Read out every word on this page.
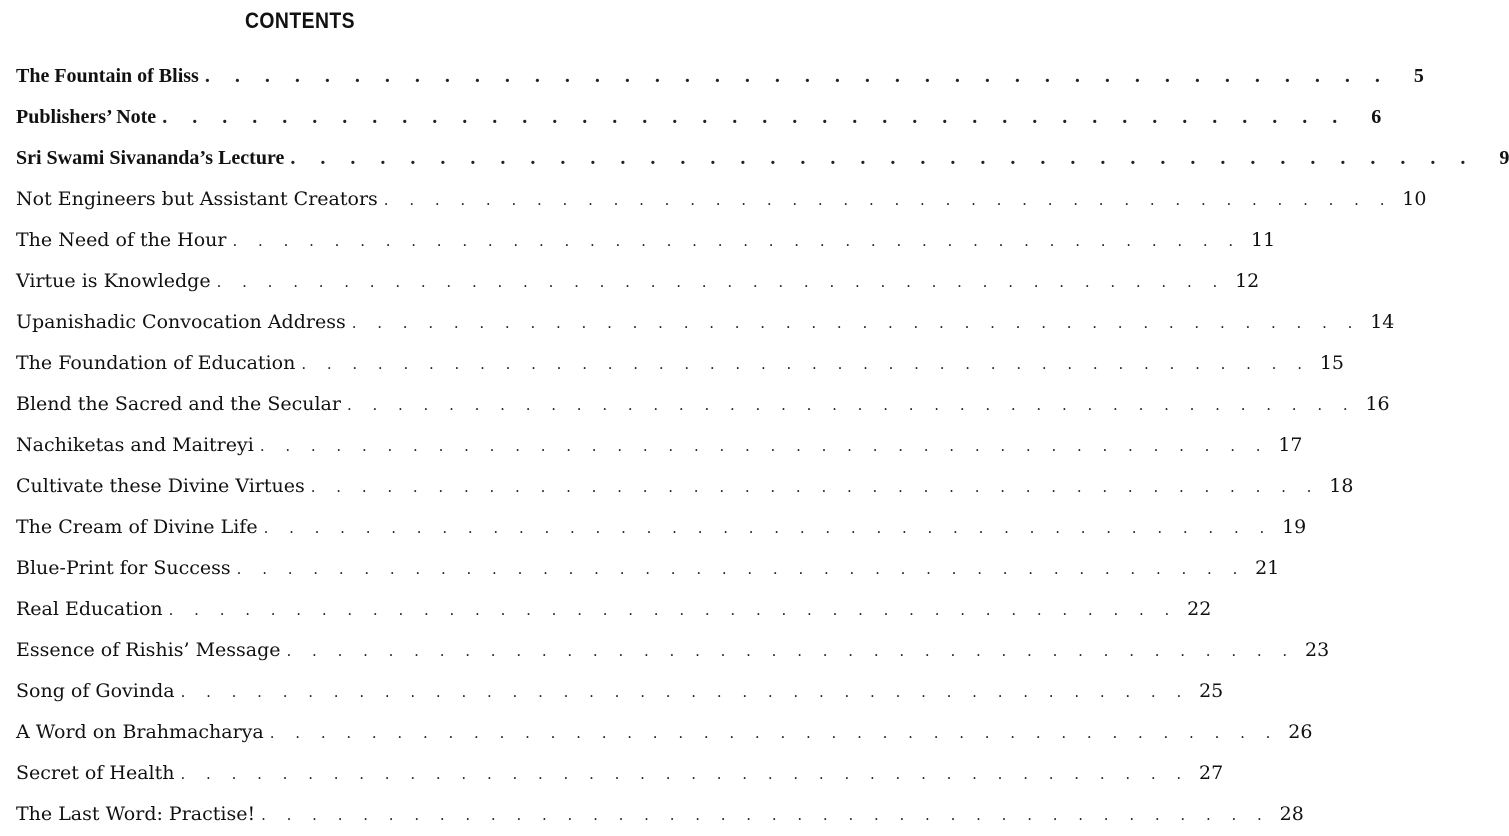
CONTENTS
The Fountain of Bliss . . . . . . . . . . . . . . . . . . . . . . . . . . . . . . . . . . . . . . . .	5
Publishers’ Note . . . . . . . . . . . . . . . . . . . . . . . . . . . . . . . . . . . . . . . .	6
Sri Swami Sivananda’s Lecture . . . . . . . . . . . . . . . . . . . . . . . . . . . . . . . . . . . . . . . .	9
Not Engineers but Assistant Creators . . . . . . . . . . . . . . . . . . . . . . . . . . . . . . . . . . . . . . . . 10
The Need of the Hour . . . . . . . . . . . . . . . . . . . . . . . . . . . . . . . . . . . . . . . . 11
Virtue is Knowledge . . . . . . . . . . . . . . . . . . . . . . . . . . . . . . . . . . . . . . . . 12
Upanishadic Convocation Address . . . . . . . . . . . . . . . . . . . . . . . . . . . . . . . . . . . . . . . . 14
The Foundation of Education . . . . . . . . . . . . . . . . . . . . . . . . . . . . . . . . . . . . . . . . 15
Blend the Sacred and the Secular . . . . . . . . . . . . . . . . . . . . . . . . . . . . . . . . . . . . . . . . 16
Nachiketas and Maitreyi . . . . . . . . . . . . . . . . . . . . . . . . . . . . . . . . . . . . . . . . 17
Cultivate these Divine Virtues . . . . . . . . . . . . . . . . . . . . . . . . . . . . . . . . . . . . . . . . 18
The Cream of Divine Life . . . . . . . . . . . . . . . . . . . . . . . . . . . . . . . . . . . . . . . . 19
Blue-Print for Success . . . . . . . . . . . . . . . . . . . . . . . . . . . . . . . . . . . . . . . . 21
Real Education . . . . . . . . . . . . . . . . . . . . . . . . . . . . . . . . . . . . . . . . 22
Essence of Rishis’ Message . . . . . . . . . . . . . . . . . . . . . . . . . . . . . . . . . . . . . . . . 23
Song of Govinda . . . . . . . . . . . . . . . . . . . . . . . . . . . . . . . . . . . . . . . . 25
A Word on Brahmacharya . . . . . . . . . . . . . . . . . . . . . . . . . . . . . . . . . . . . . . . . 26
Secret of Health . . . . . . . . . . . . . . . . . . . . . . . . . . . . . . . . . . . . . . . . 27
The Last Word: Practise! . . . . . . . . . . . . . . . . . . . . . . . . . . . . . . . . . . . . . . . . 28
